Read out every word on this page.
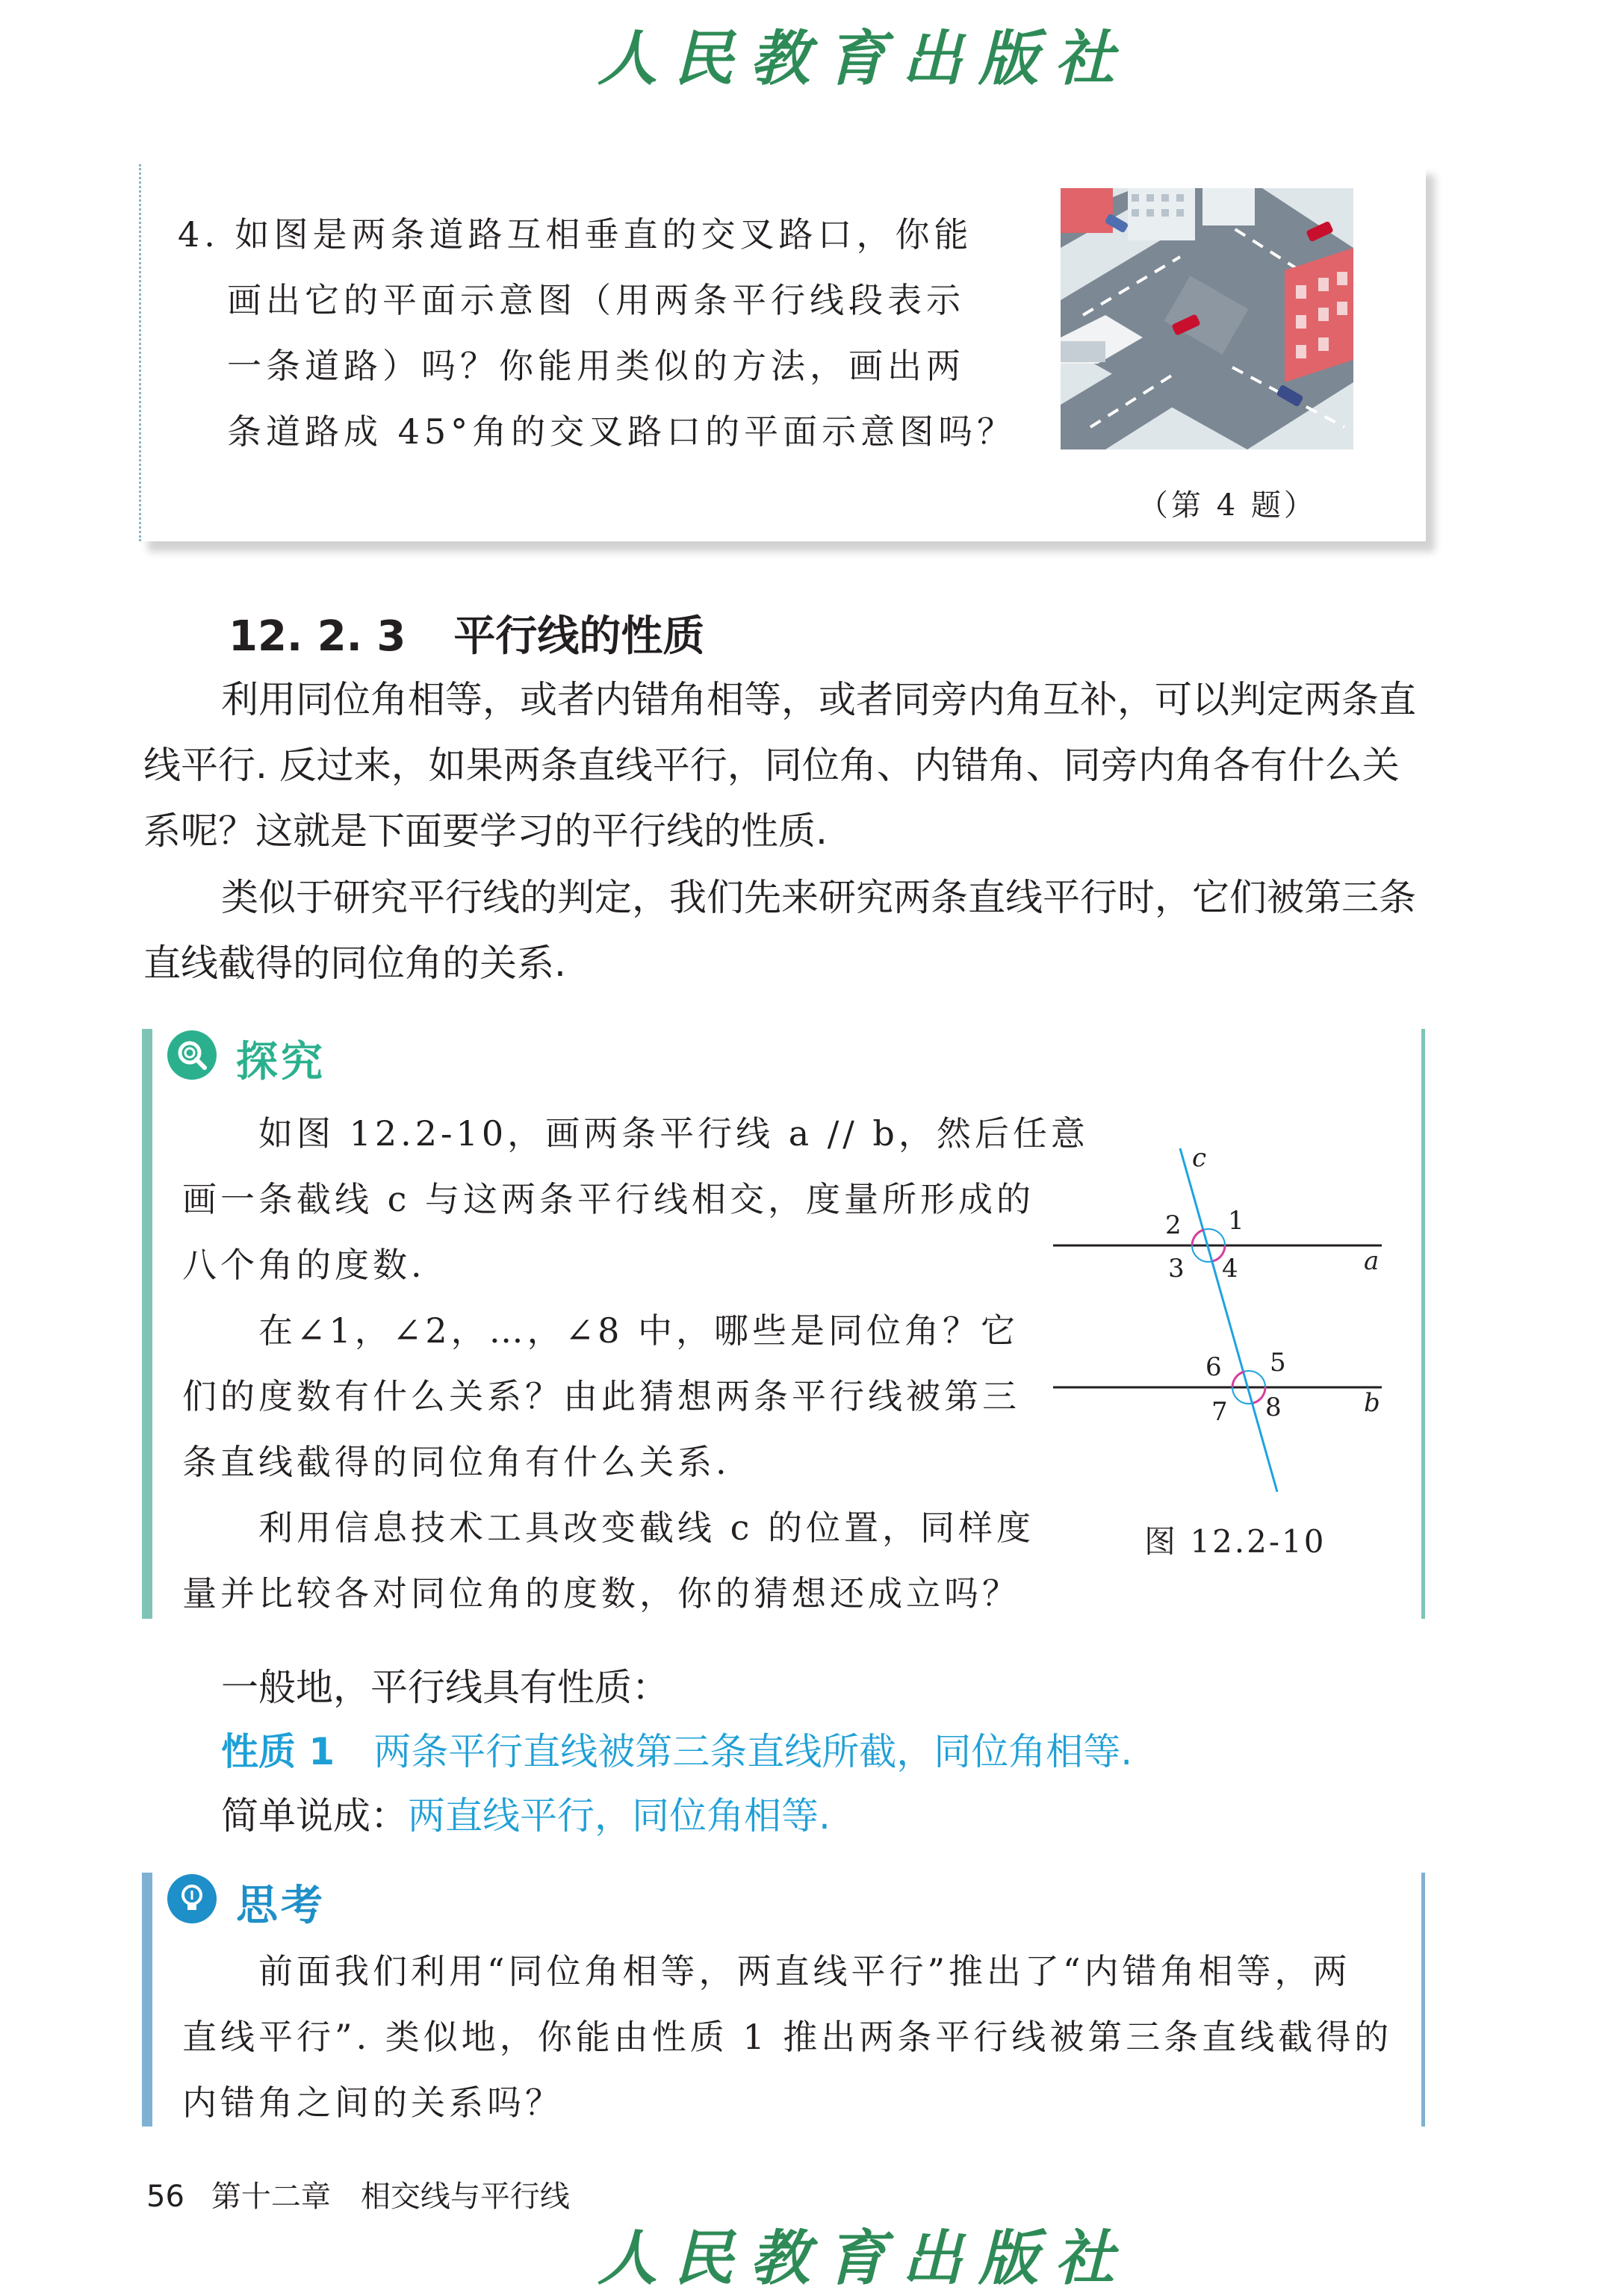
人民教育出版社
4. 如图是两条道路互相垂直的交叉路口，你能
画出它的平面示意图（用两条平行线段表示
一条道路）吗？你能用类似的方法，画出两
条道路成 45°角的交叉路口的平面示意图吗？
（第 4 题）
12. 2. 3 平行线的性质
利用同位角相等，或者内错角相等，或者同旁内角互补，可以判定两条直
线平行. 反过来，如果两条直线平行，同位角、内错角、同旁内角各有什么关
系呢？这就是下面要学习的平行线的性质.
类似于研究平行线的判定，我们先来研究两条直线平行时，它们被第三条
直线截得的同位角的关系.
探究
如图 12.2-10，画两条平行线 a // b，然后任意
画一条截线 c 与这两条平行线相交，度量所形成的
八个角的度数.
在∠1，∠2，…，∠8 中，哪些是同位角？它
们的度数有什么关系？由此猜想两条平行线被第三
条直线截得的同位角有什么关系.
利用信息技术工具改变截线 c 的位置，同样度
量并比较各对同位角的度数，你的猜想还成立吗？
c
a
b
1
2
3 4
5
6
7 8
图 12.2-10
一般地，平行线具有性质：
性质 1 两条平行直线被第三条直线所截，同位角相等.
简单说成：两直线平行，同位角相等.
思考
前面我们利用“同位角相等，两直线平行”推出了“内错角相等，两
直线平行”. 类似地，你能由性质 1 推出两条平行线被第三条直线截得的
内错角之间的关系吗？
56 第十二章 相交线与平行线
人民教育出版社
